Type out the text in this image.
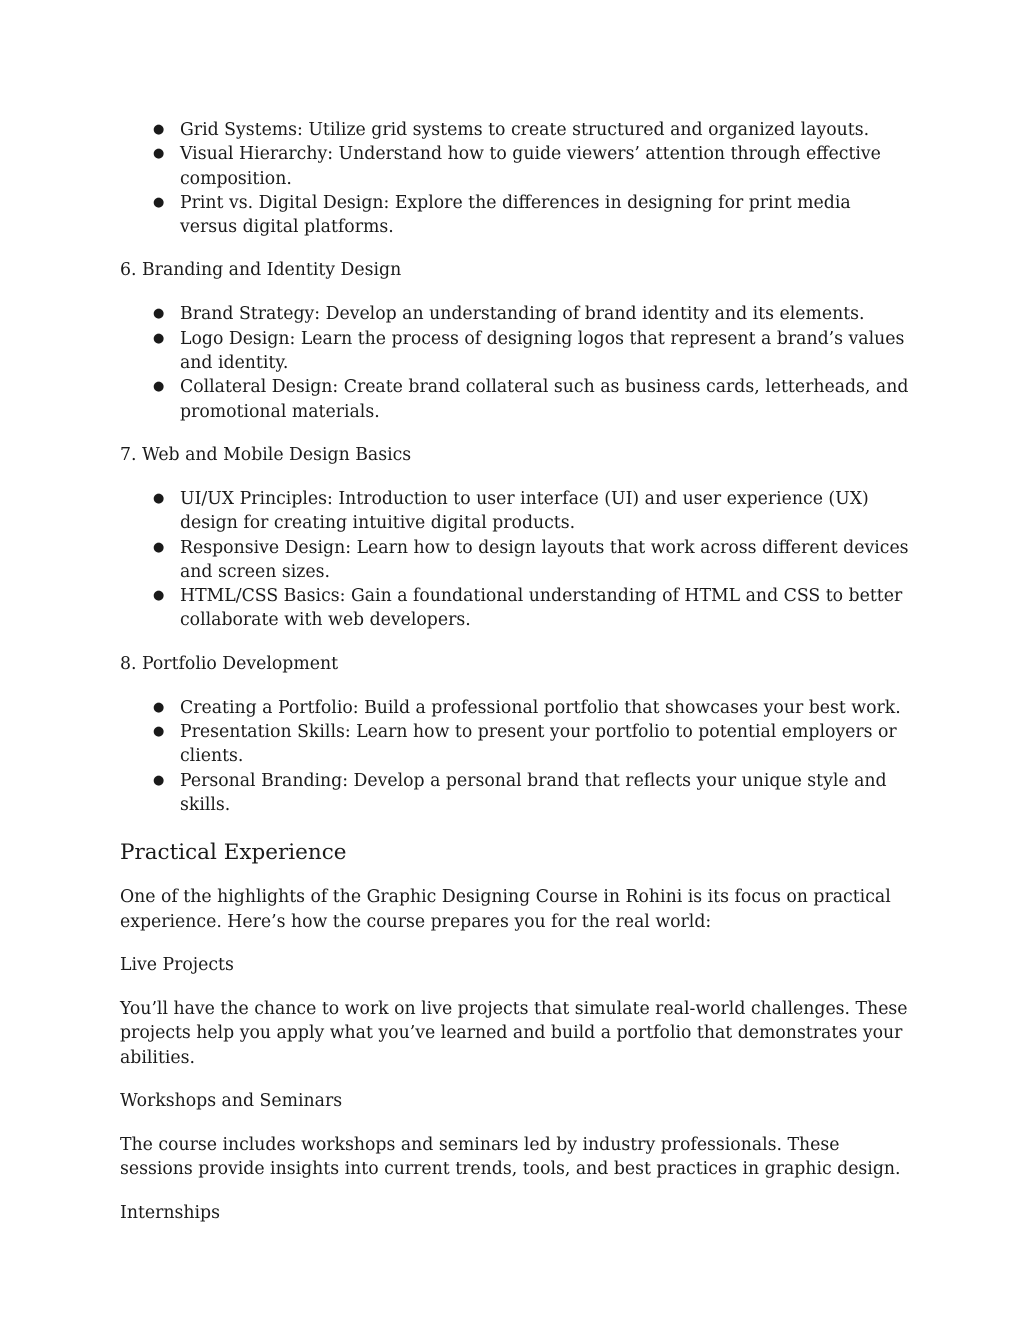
● Grid Systems: Utilize grid systems to create structured and organized layouts.
● Visual Hierarchy: Understand how to guide viewers’ attention through effective composition.
● Print vs. Digital Design: Explore the differences in designing for print media versus digital platforms.

6. Branding and Identity Design

● Brand Strategy: Develop an understanding of brand identity and its elements.
● Logo Design: Learn the process of designing logos that represent a brand’s values and identity.
● Collateral Design: Create brand collateral such as business cards, letterheads, and promotional materials.

7. Web and Mobile Design Basics

● UI/UX Principles: Introduction to user interface (UI) and user experience (UX) design for creating intuitive digital products.
● Responsive Design: Learn how to design layouts that work across different devices and screen sizes.
● HTML/CSS Basics: Gain a foundational understanding of HTML and CSS to better collaborate with web developers.

8. Portfolio Development

● Creating a Portfolio: Build a professional portfolio that showcases your best work.
● Presentation Skills: Learn how to present your portfolio to potential employers or clients.
● Personal Branding: Develop a personal brand that reflects your unique style and skills.
Practical Experience

One of the highlights of the Graphic Designing Course in Rohini is its focus on practical experience. Here’s how the course prepares you for the real world:

Live Projects

You’ll have the chance to work on live projects that simulate real-world challenges. These projects help you apply what you’ve learned and build a portfolio that demonstrates your abilities.

Workshops and Seminars

The course includes workshops and seminars led by industry professionals. These sessions provide insights into current trends, tools, and best practices in graphic design.

Internships
